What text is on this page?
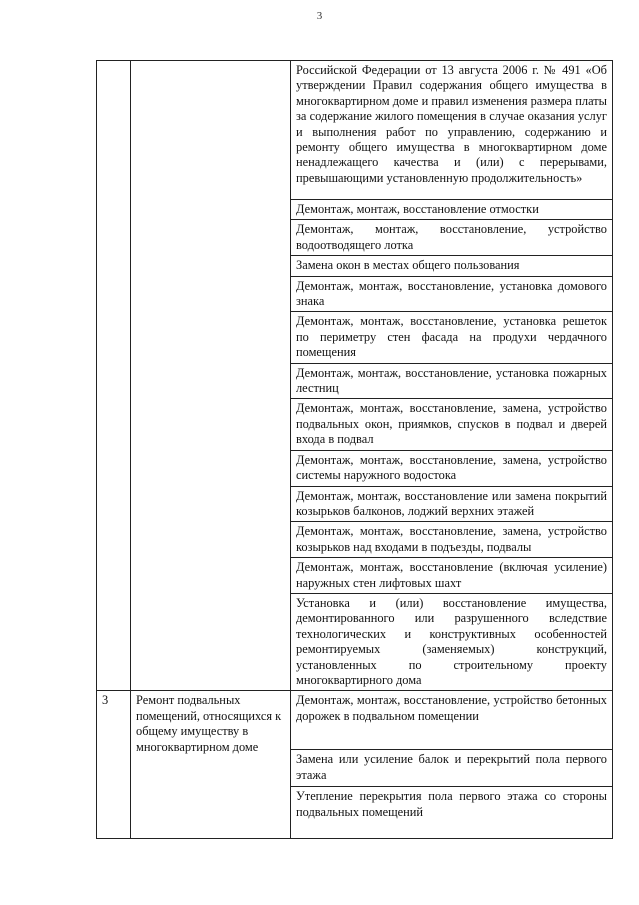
3
		Российской Федерации от 13 августа 2006 г. № 491 «Об утверждении Правил содержания общего имущества в многоквартирном доме и правил изменения размера платы за содержание жилого помещения в случае оказания услуг и выполнения работ по управлению, содержанию и ремонту общего имущества в многоквартирном доме ненадлежащего качества и (или) с перерывами, превышающими установленную продолжительность»
		Демонтаж, монтаж, восстановление отмостки
		Демонтаж, монтаж, восстановление, устройство водоотводящего лотка
		Замена окон в местах общего пользования
		Демонтаж, монтаж, восстановление, установка домового знака
		Демонтаж, монтаж, восстановление, установка решеток по периметру стен фасада на продухи чердачного помещения
		Демонтаж, монтаж, восстановление, установка пожарных лестниц
		Демонтаж, монтаж, восстановление, замена, устройство подвальных окон, приямков, спусков в подвал и дверей входа в подвал
		Демонтаж, монтаж, восстановление, замена, устройство системы наружного водостока
		Демонтаж, монтаж, восстановление или замена покрытий козырьков балконов, лоджий верхних этажей
		Демонтаж, монтаж, восстановление, замена, устройство козырьков над входами в подъезды, подвалы
		Демонтаж, монтаж, восстановление (включая усиление) наружных стен лифтовых шахт
		Установка и (или) восстановление имущества, демонтированного или разрушенного вследствие технологических и конструктивных особенностей ремонтируемых (заменяемых) конструкций, установленных по строительному проекту многоквартирного дома
3	Ремонт подвальных помещений, относящихся к общему имуществу в многоквартирном доме	Демонтаж, монтаж, восстановление, устройство бетонных дорожек в подвальном помещении
		Замена или усиление балок и перекрытий пола первого этажа
		Утепление перекрытия пола первого этажа со стороны подвальных помещений
